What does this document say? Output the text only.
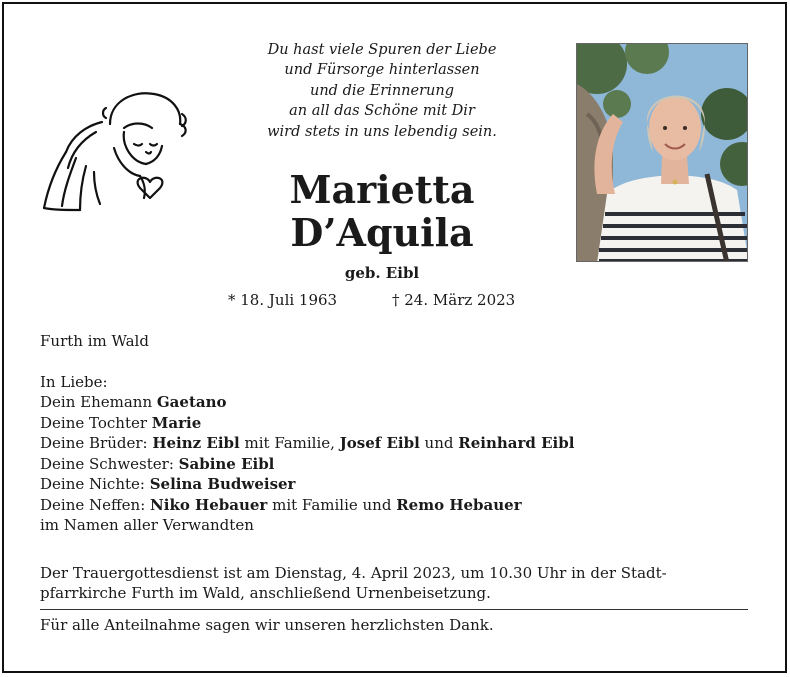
Du hast viele Spuren der Liebe
und Fürsorge hinterlassen
und die Erinnerung
an all das Schöne mit Dir
wird stets in uns lebendig sein.
Marietta
D’Aquila
geb. Eibl
* 18. Juli 1963	† 24. März 2023
Furth im Wald
In Liebe:
Dein Ehemann Gaetano
Deine Tochter Marie
Deine Brüder: Heinz Eibl mit Familie, Josef Eibl und Reinhard Eibl
Deine Schwester: Sabine Eibl
Deine Nichte: Selina Budweiser
Deine Neffen: Niko Hebauer mit Familie und Remo Hebauer
im Namen aller Verwandten
Der Trauergottesdienst ist am Dienstag, 4. April 2023, um 10.30 Uhr in der Stadtpfarrkirche Furth im Wald, anschließend Urnenbeisetzung.
Für alle Anteilnahme sagen wir unseren herzlichsten Dank.
